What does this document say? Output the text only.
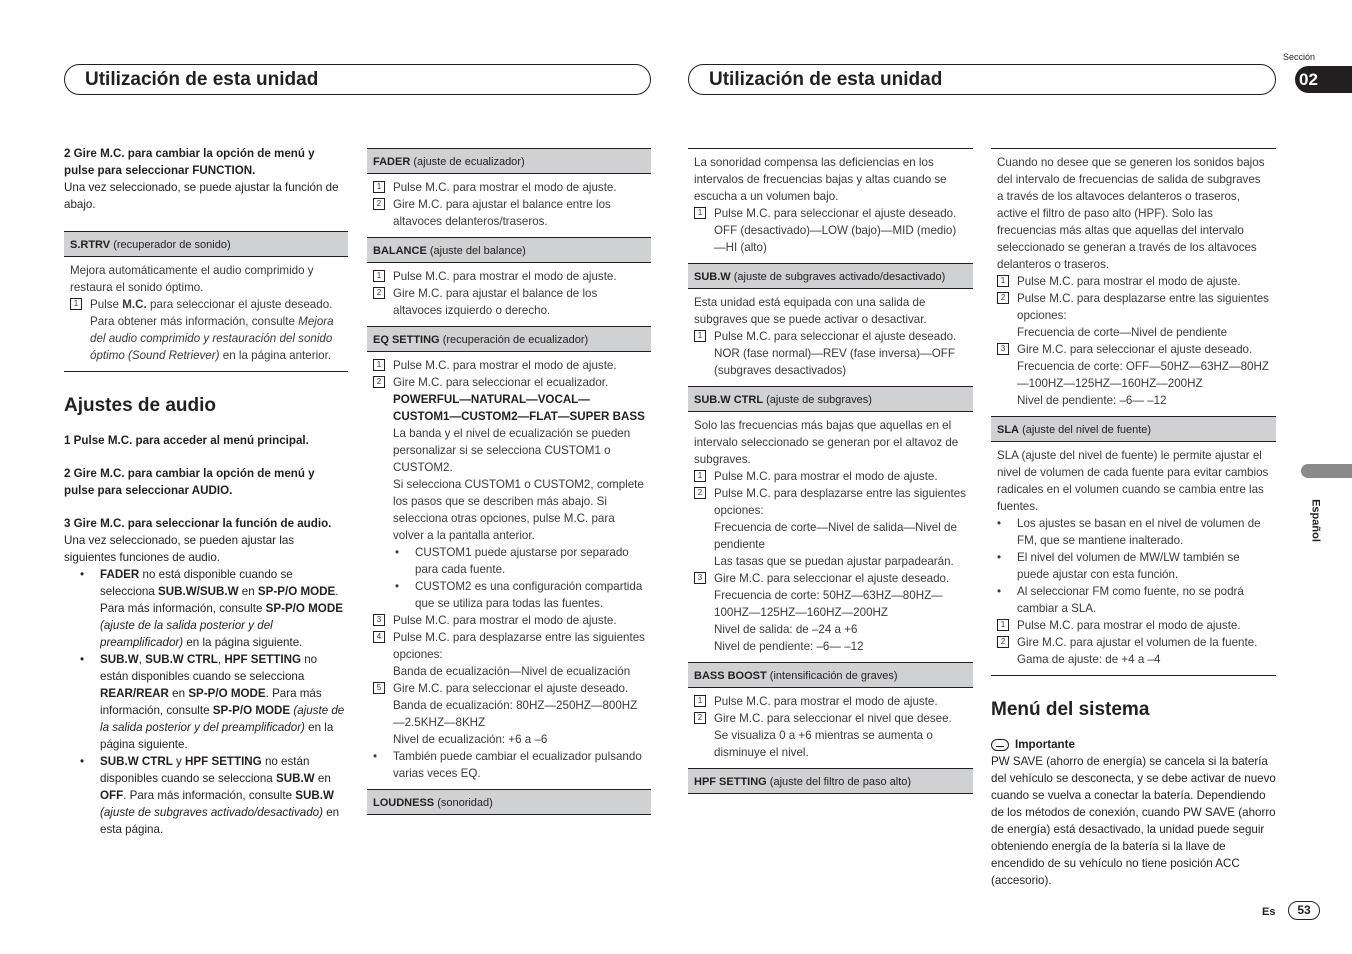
Utilización de esta unidad	Utilización de esta unidad
Sección
02
Español

2 Gire M.C. para cambiar la opción de menú y pulse para seleccionar FUNCTION.

Una vez seleccionado, se puede ajustar la función de abajo.

S.RTRV (recuperador de sonido)

Mejora automáticamente el audio comprimido y restaura el sonido óptimo.

1	Pulse M.C. para seleccionar el ajuste deseado. Para obtener más información, consulte Mejora del audio comprimido y restauración del sonido óptimo (Sound Retriever) en la página anterior.
Ajustes de audio

1 Pulse M.C. para acceder al menú principal.

2 Gire M.C. para cambiar la opción de menú y pulse para seleccionar AUDIO.

3 Gire M.C. para seleccionar la función de audio.

Una vez seleccionado, se pueden ajustar las siguientes funciones de audio.

•	FADER no está disponible cuando se selecciona SUB.W/SUB.W en SP-P/O MODE. Para más información, consulte SP-P/O MODE (ajuste de la salida posterior y del preamplificador) en la página siguiente.
•	SUB.W, SUB.W CTRL, HPF SETTING no están disponibles cuando se selecciona REAR/REAR en SP-P/O MODE. Para más información, consulte SP-P/O MODE (ajuste de la salida posterior y del preamplificador) en la página siguiente.
•	SUB.W CTRL y HPF SETTING no están disponibles cuando se selecciona SUB.W en OFF. Para más información, consulte SUB.W (ajuste de subgraves activado/desactivado) en esta página.
FADER (ajuste de ecualizador)
1	Pulse M.C. para mostrar el modo de ajuste.
2	Gire M.C. para ajustar el balance entre los altavoces delanteros/traseros.
BALANCE (ajuste del balance)
1	Pulse M.C. para mostrar el modo de ajuste.
2	Gire M.C. para ajustar el balance de los altavoces izquierdo o derecho.
EQ SETTING (recuperación de ecualizador)
1	Pulse M.C. para mostrar el modo de ajuste.
2	Gire M.C. para seleccionar el ecualizador.

POWERFUL—NATURAL—VOCAL—CUSTOM1—CUSTOM2—FLAT—SUPER BASS

La banda y el nivel de ecualización se pueden personalizar si se selecciona CUSTOM1 o CUSTOM2.

Si selecciona CUSTOM1 o CUSTOM2, complete los pasos que se describen más abajo. Si selecciona otras opciones, pulse M.C. para volver a la pantalla anterior.

•	CUSTOM1 puede ajustarse por separado para cada fuente.
•	CUSTOM2 es una configuración compartida que se utiliza para todas las fuentes.
3	Pulse M.C. para mostrar el modo de ajuste.
4	Pulse M.C. para desplazarse entre las siguientes opciones:

Banda de ecualización—Nivel de ecualización

5	Gire M.C. para seleccionar el ajuste deseado.

Banda de ecualización: 80HZ—250HZ—800HZ—2.5KHZ—8KHZ

Nivel de ecualización: +6 a –6

•	También puede cambiar el ecualizador pulsando varias veces EQ.
LOUDNESS (sonoridad)

La sonoridad compensa las deficiencias en los intervalos de frecuencias bajas y altas cuando se escucha a un volumen bajo.

1	Pulse M.C. para seleccionar el ajuste deseado.

OFF (desactivado)—LOW (bajo)—MID (medio)—HI (alto)

SUB.W (ajuste de subgraves activado/desactivado)

Esta unidad está equipada con una salida de subgraves que se puede activar o desactivar.

1	Pulse M.C. para seleccionar el ajuste deseado.

NOR (fase normal)—REV (fase inversa)—OFF (subgraves desactivados)

SUB.W CTRL (ajuste de subgraves)

Solo las frecuencias más bajas que aquellas en el intervalo seleccionado se generan por el altavoz de subgraves.

1	Pulse M.C. para mostrar el modo de ajuste.
2	Pulse M.C. para desplazarse entre las siguientes opciones:

Frecuencia de corte—Nivel de salida—Nivel de pendiente

Las tasas que se puedan ajustar parpadearán.

3	Gire M.C. para seleccionar el ajuste deseado.

Frecuencia de corte: 50HZ—63HZ—80HZ—100HZ—125HZ—160HZ—200HZ

Nivel de salida: de –24 a +6

Nivel de pendiente: –6— –12

BASS BOOST (intensificación de graves)
1	Pulse M.C. para mostrar el modo de ajuste.
2	Gire M.C. para seleccionar el nivel que desee.

Se visualiza 0 a +6 mientras se aumenta o disminuye el nivel.

HPF SETTING (ajuste del filtro de paso alto)

Cuando no desee que se generen los sonidos bajos del intervalo de frecuencias de salida de subgraves a través de los altavoces delanteros o traseros, active el filtro de paso alto (HPF). Solo las frecuencias más altas que aquellas del intervalo seleccionado se generan a través de los altavoces delanteros o traseros.

1	Pulse M.C. para mostrar el modo de ajuste.
2	Pulse M.C. para desplazarse entre las siguientes opciones:

Frecuencia de corte—Nivel de pendiente

3	Gire M.C. para seleccionar el ajuste deseado.

Frecuencia de corte: OFF—50HZ—63HZ—80HZ—100HZ—125HZ—160HZ—200HZ

Nivel de pendiente: –6— –12

SLA (ajuste del nivel de fuente)

SLA (ajuste del nivel de fuente) le permite ajustar el nivel de volumen de cada fuente para evitar cambios radicales en el volumen cuando se cambia entre las fuentes.

•	Los ajustes se basan en el nivel de volumen de FM, que se mantiene inalterado.
•	El nivel del volumen de MW/LW también se puede ajustar con esta función.
•	Al seleccionar FM como fuente, no se podrá cambiar a SLA.
1	Pulse M.C. para mostrar el modo de ajuste.
2	Gire M.C. para ajustar el volumen de la fuente.

Gama de ajuste: de +4 a –4

Menú del sistema
Importante

PW SAVE (ahorro de energía) se cancela si la batería del vehículo se desconecta, y se debe activar de nuevo cuando se vuelva a conectar la batería. Dependiendo de los métodos de conexión, cuando PW SAVE (ahorro de energía) está desactivado, la unidad puede seguir obteniendo energía de la batería si la llave de encendido de su vehículo no tiene posición ACC (accesorio).

Es	53
